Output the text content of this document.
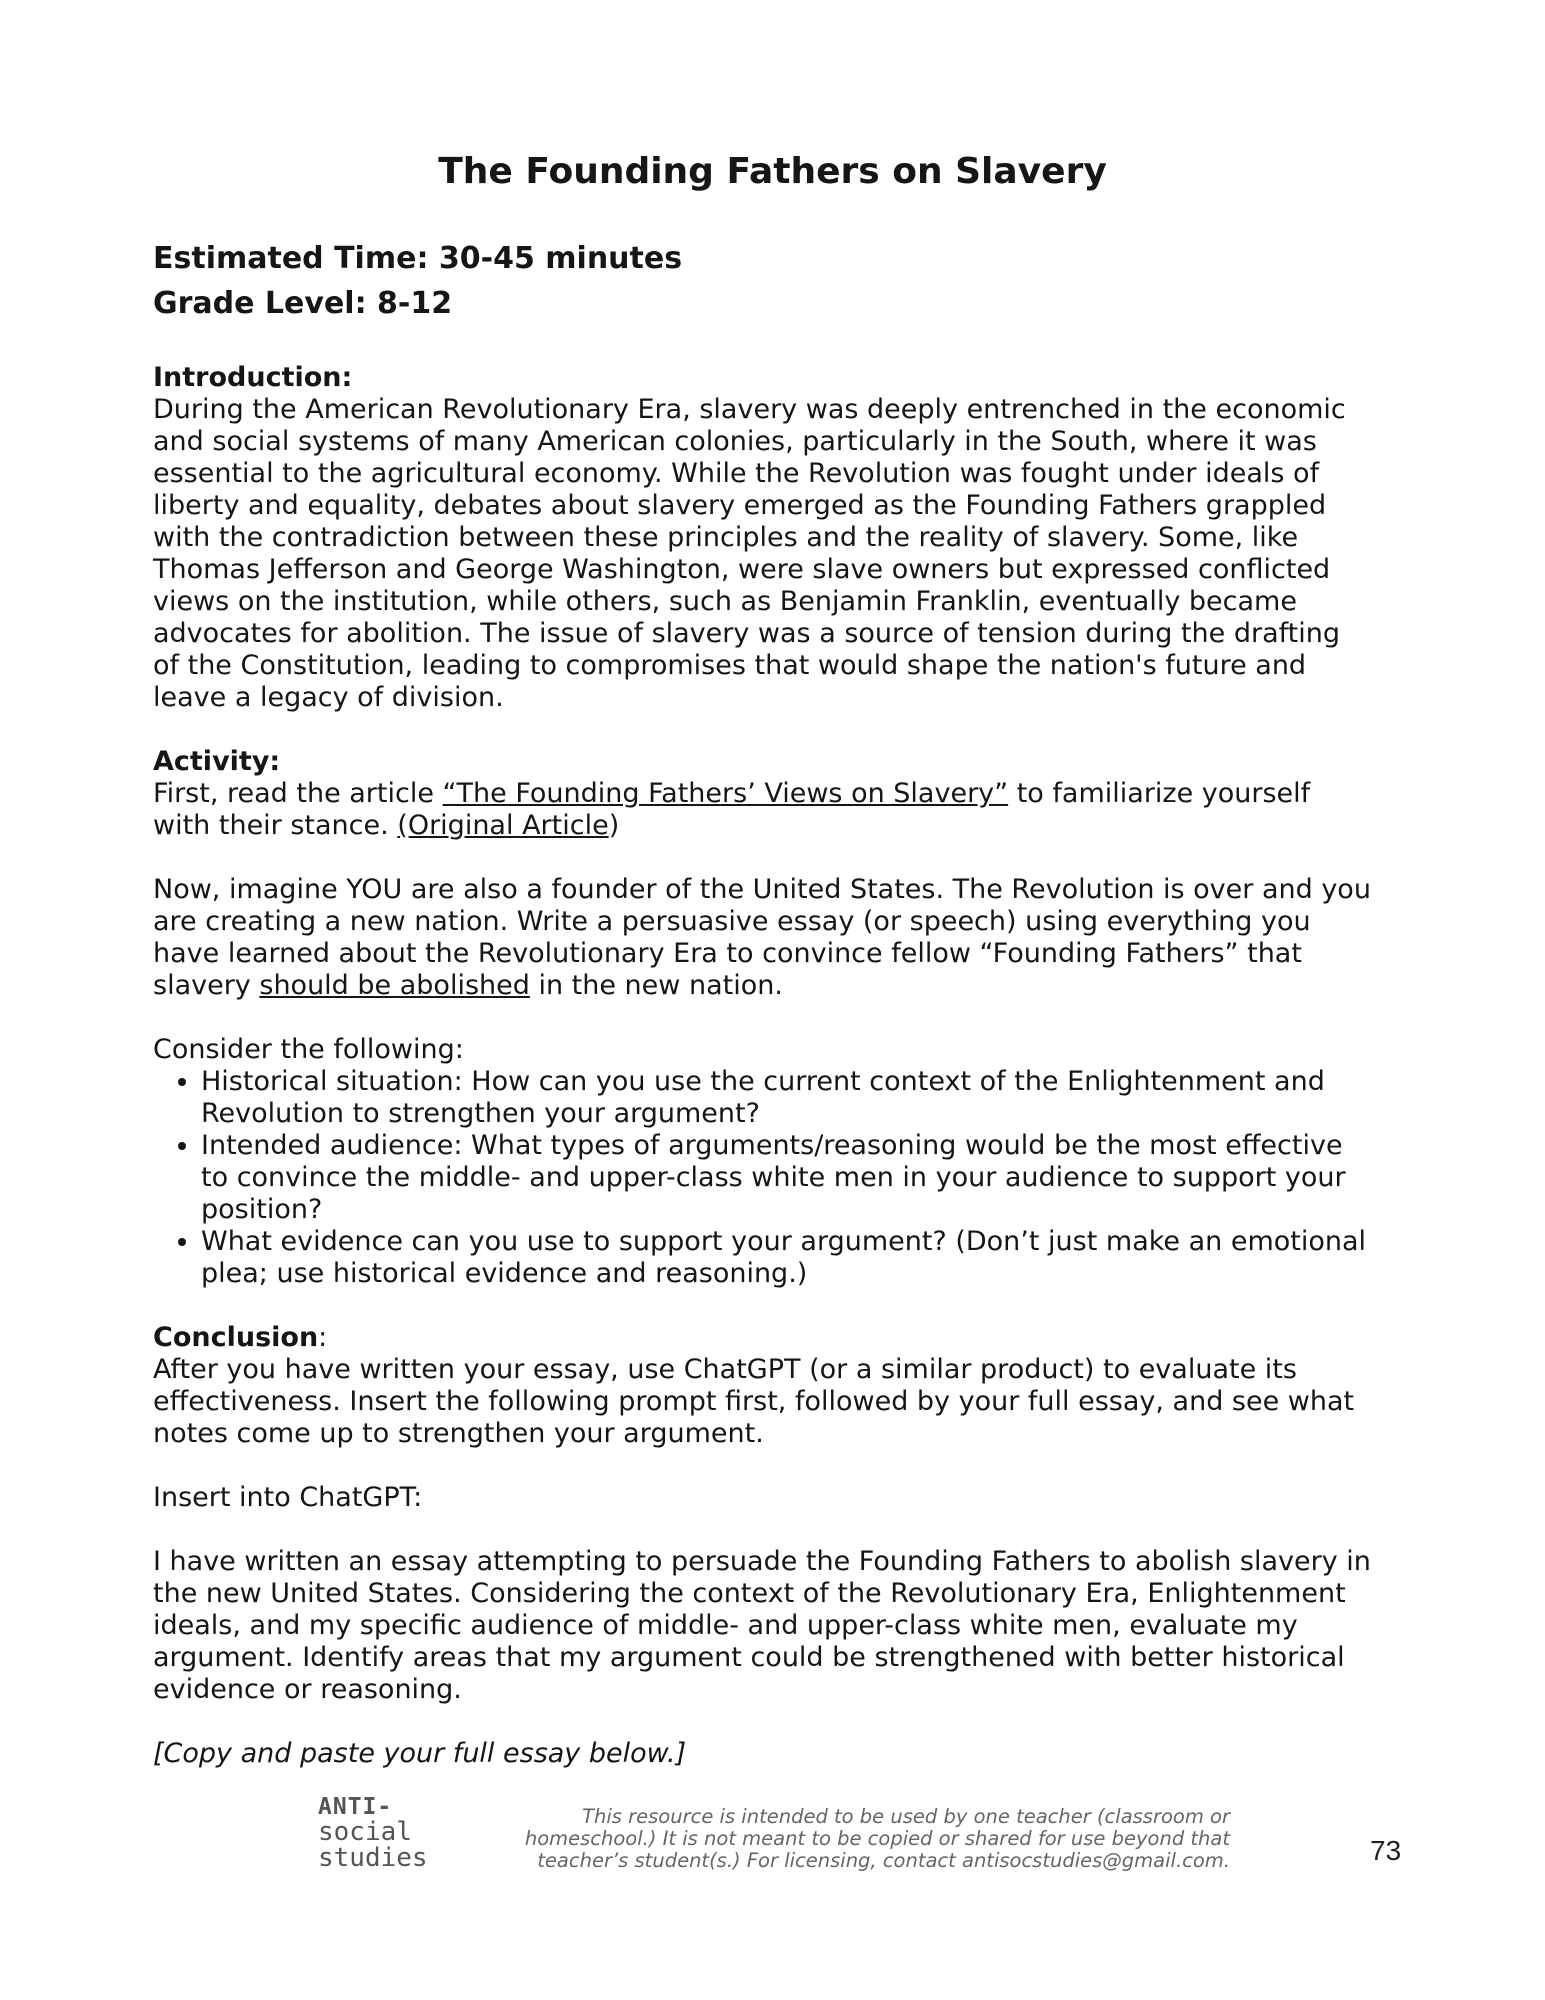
The Founding Fathers on Slavery

Estimated Time: 30-45 minutes

Grade Level: 8-12

Introduction:

During the American Revolutionary Era, slavery was deeply entrenched in the economic and social systems of many American colonies, particularly in the South, where it was essential to the agricultural economy. While the Revolution was fought under ideals of liberty and equality, debates about slavery emerged as the Founding Fathers grappled with the contradiction between these principles and the reality of slavery. Some, like Thomas Jefferson and George Washington, were slave owners but expressed conflicted views on the institution, while others, such as Benjamin Franklin, eventually became advocates for abolition. The issue of slavery was a source of tension during the drafting of the Constitution, leading to compromises that would shape the nation's future and leave a legacy of division.

Activity:

First, read the article “The Founding Fathers’ Views on Slavery” to familiarize yourself with their stance. (Original Article)

Now, imagine YOU are also a founder of the United States. The Revolution is over and you are creating a new nation. Write a persuasive essay (or speech) using everything you have learned about the Revolutionary Era to convince fellow “Founding Fathers” that slavery should be abolished in the new nation.

Consider the following:

• Historical situation: How can you use the current context of the Enlightenment and Revolution to strengthen your argument?
• Intended audience: What types of arguments/reasoning would be the most effective to convince the middle- and upper-class white men in your audience to support your position?
• What evidence can you use to support your argument? (Don’t just make an emotional plea; use historical evidence and reasoning.)

Conclusion:

After you have written your essay, use ChatGPT (or a similar product) to evaluate its effectiveness. Insert the following prompt first, followed by your full essay, and see what notes come up to strengthen your argument.

Insert into ChatGPT:

I have written an essay attempting to persuade the Founding Fathers to abolish slavery in the new United States. Considering the context of the Revolutionary Era, Enlightenment ideals, and my specific audience of middle- and upper-class white men, evaluate my argument. Identify areas that my argument could be strengthened with better historical evidence or reasoning.

[Copy and paste your full essay below.]

ANTI-
social
studies
This resource is intended to be used by one teacher (classroom or
homeschool.) It is not meant to be copied or shared for use beyond that
teacher’s student(s.) For licensing, contact antisocstudies@gmail.com.	73
